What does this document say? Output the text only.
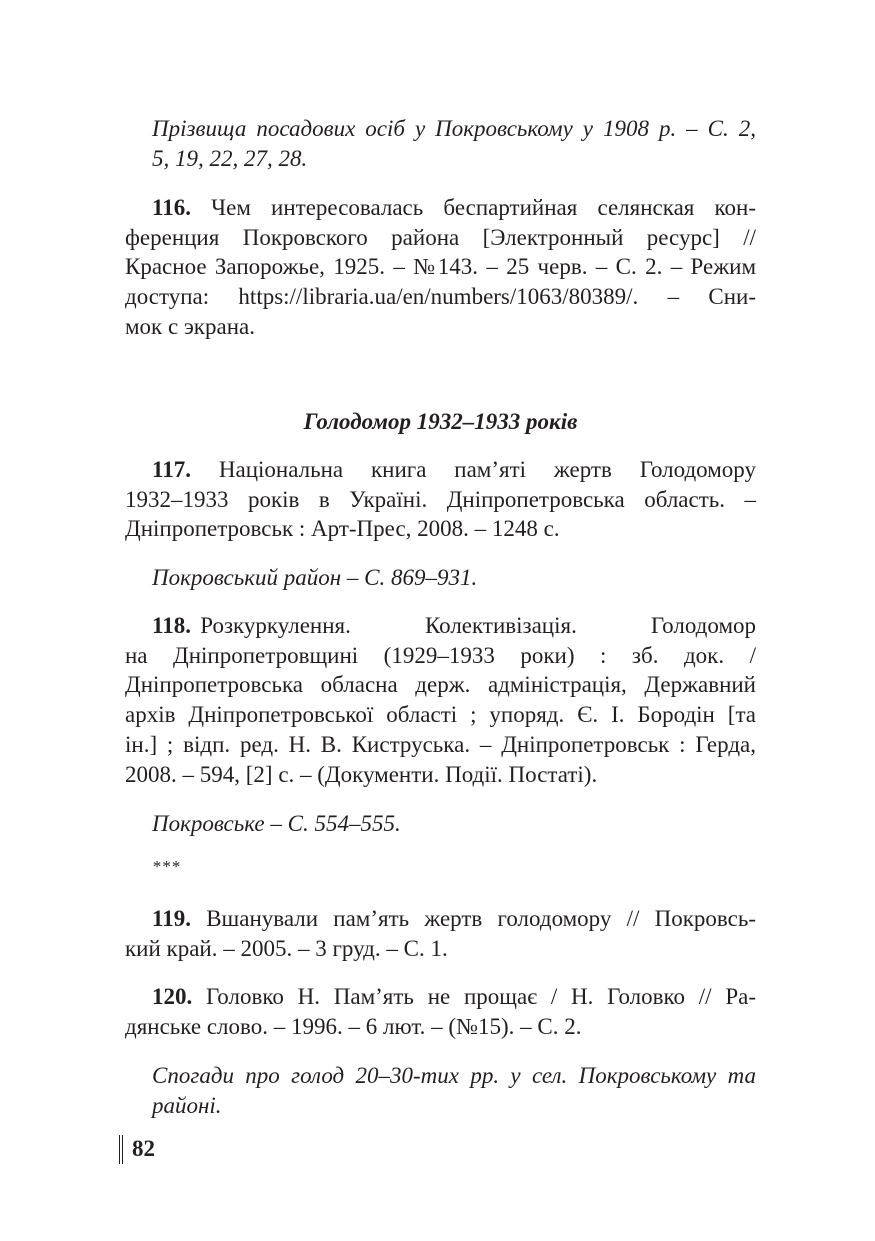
Прізвища посадових осіб у Покровському у 1908 р. – С. 2,
5, 19, 22, 27, 28.
116. Чем интересовалась беспартийная селянская кон-
ференция Покровского района [Электронный ресурс] //
Красное Запорожье, 1925. – №143. – 25 черв. – С. 2. – Режим
доступа: https://libraria.ua/en/numbers/1063/80389/. – Сни-
мок с экрана.
Голодомор 1932–1933 років
117. Національна книга пам’яті жертв Голодомору
1932–1933 років в Україні. Дніпропетровська область. –
Дніпропетровськ : Арт-Прес, 2008. – 1248 с.
Покровський район – С. 869–931.
118. Розкуркулення.        Колективізація.        Голодомор
на Дніпропетровщині (1929–1933 роки) : зб. док. /
Дніпропетровська обласна держ. адміністрація, Державний
архів Дніпропетровської області ; упоряд. Є. І. Бородін [та
ін.] ; відп. ред. Н. В. Киструська. – Дніпропетровськ : Герда,
2008. – 594, [2] с. – (Документи. Події. Постаті).
Покровське – С. 554–555.
***
119. Вшанували пам’ять жертв голодомору // Покровсь-
кий край. – 2005. – 3 груд. – С. 1.
120. Головко Н. Пам’ять не прощає / Н. Головко // Ра-
дянське слово. – 1996. – 6 лют. – (№15). – С. 2.
Спогади про голод 20–30-тих рр. у сел. Покровському та
районі.
82
